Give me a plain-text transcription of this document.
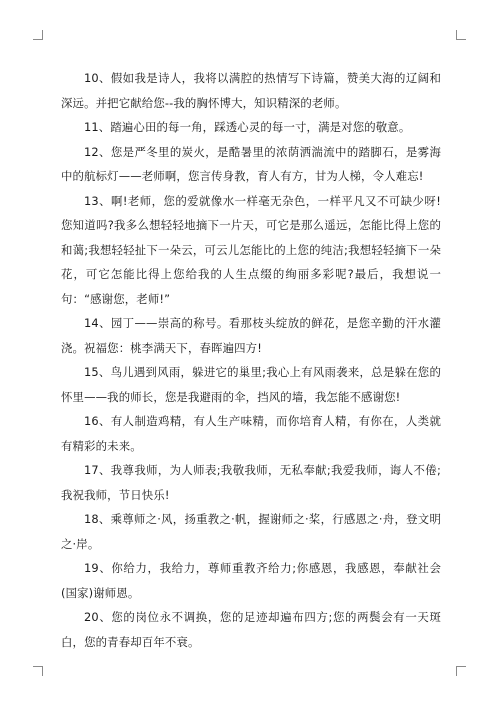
10、假如我是诗人，我将以满腔的热情写下诗篇，赞美大海的辽阔和深远。并把它献给您--我的胸怀博大，知识精深的老师。

11、踏遍心田的每一角，踩透心灵的每一寸，满是对您的敬意。

12、您是严冬里的炭火，是酷暑里的浓荫洒湍流中的踏脚石，是雾海中的航标灯——老师啊，您言传身教，育人有方，甘为人梯，令人难忘!

13、啊!老师，您的爱就像水一样毫无杂色，一样平凡又不可缺少呀!您知道吗?我多么想轻轻地摘下一片天，可它是那么遥远，怎能比得上您的和蔼;我想轻轻扯下一朵云，可云儿怎能比的上您的纯洁;我想轻轻摘下一朵花，可它怎能比得上您给我的人生点缀的绚丽多彩呢?最后，我想说一句：“感谢您，老师!”

14、园丁——崇高的称号。看那枝头绽放的鲜花，是您辛勤的汗水灌浇。祝福您：桃李满天下，春晖遍四方!

15、鸟儿遇到风雨，躲进它的巢里;我心上有风雨袭来，总是躲在您的怀里——我的师长，您是我避雨的伞，挡风的墙，我怎能不感谢您!

16、有人制造鸡精，有人生产味精，而你培育人精，有你在，人类就有精彩的未来。

17、我尊我师，为人师表;我敬我师，无私奉献;我爱我师，诲人不倦;我祝我师，节日快乐!

18、乘尊师之·风，扬重教之·帆，握谢师之·桨，行感恩之·舟，登文明之·岸。

19、你给力，我给力，尊师重教齐给力;你感恩，我感恩，奉献社会(国家)谢师恩。

20、您的岗位永不调换，您的足迹却遍布四方;您的两鬓会有一天斑白，您的青春却百年不衰。
